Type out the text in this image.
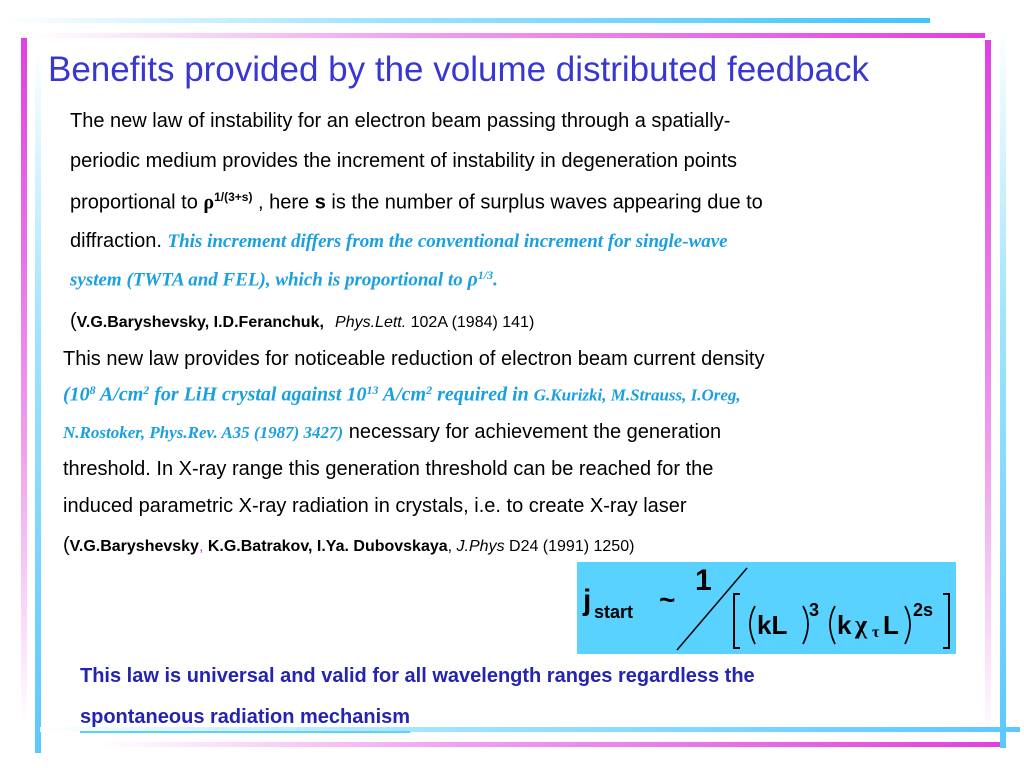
Benefits provided by the volume distributed feedback
The new law of instability for an electron beam passing through a spatially-
periodic medium provides the increment of instability in degeneration points
proportional to $\rho^{1/(3+s)}$ , here s is the number of surplus waves appearing due to
diffraction. This increment differs from the conventional increment for single-wave
system (TWTA and FEL), which is proportional to $\rho^{1/3}$.
(V.G.Baryshevsky, I.D.Feranchuk, Phys.Lett. 102A (1984) 141)
This new law provides for noticeable reduction of electron beam current density
($10^8$ $A/cm^2$ for LiH crystal against $10^{13}$ $A/cm^2$ required in G.Kurizki, M.Strauss, I.Oreg,
N.Rostoker, Phys.Rev. A35 (1987) 3427) necessary for achievement the generation
threshold. In X-ray range this generation threshold can be reached for the
induced parametric X-ray radiation in crystals, i.e. to create X-ray laser
(V.G.Baryshevsky, K.G.Batrakov, I.Ya. Dubovskaya, J.Phys D24 (1991) 1250)
j start ~
1
kL 3 k χ τ L 2s
This law is universal and valid for all wavelength ranges regardless the
spontaneous radiation mechanism
